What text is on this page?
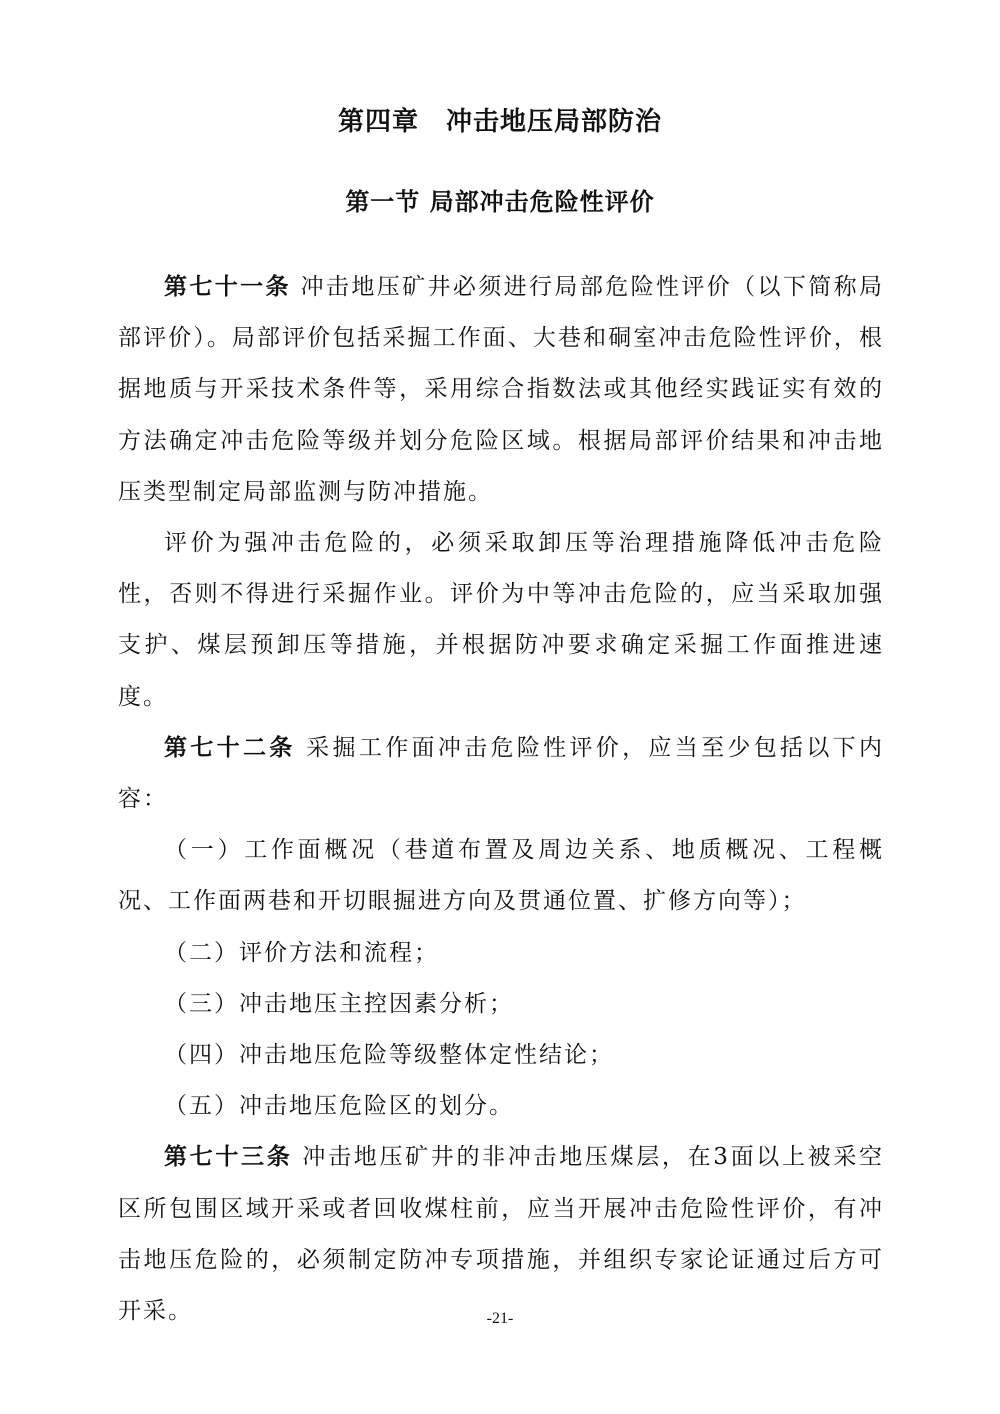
第四章　冲击地压局部防治
第一节 局部冲击危险性评价

第七十一条 冲击地压矿井必须进行局部危险性评价（以下简称局部评价）。局部评价包括采掘工作面、大巷和硐室冲击危险性评价，根据地质与开采技术条件等，采用综合指数法或其他经实践证实有效的方法确定冲击危险等级并划分危险区域。根据局部评价结果和冲击地压类型制定局部监测与防冲措施。

评价为强冲击危险的，必须采取卸压等治理措施降低冲击危险性，否则不得进行采掘作业。评价为中等冲击危险的，应当采取加强支护、煤层预卸压等措施，并根据防冲要求确定采掘工作面推进速度。

第七十二条 采掘工作面冲击危险性评价，应当至少包括以下内容：

（一）工作面概况（巷道布置及周边关系、地质概况、工程概况、工作面两巷和开切眼掘进方向及贯通位置、扩修方向等）；

（二）评价方法和流程；

（三）冲击地压主控因素分析；

（四）冲击地压危险等级整体定性结论；

（五）冲击地压危险区的划分。

第七十三条 冲击地压矿井的非冲击地压煤层，在3面以上被采空区所包围区域开采或者回收煤柱前，应当开展冲击危险性评价，有冲击地压危险的，必须制定防冲专项措施，并组织专家论证通过后方可开采。	-21-
